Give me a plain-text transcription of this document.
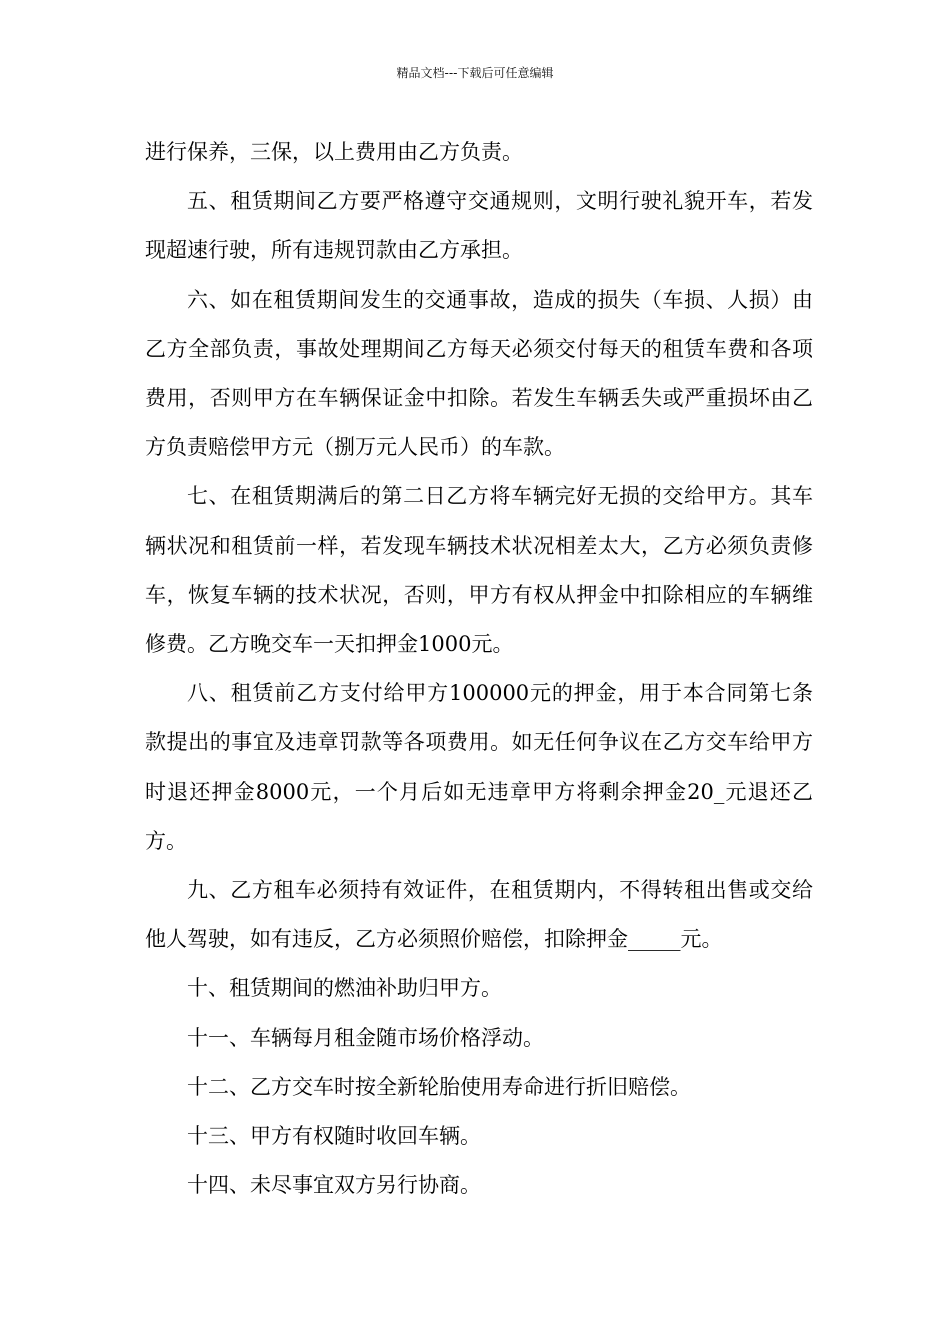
精品文档---下载后可任意编辑

进行保养，三保，以上费用由乙方负责。

五、租赁期间乙方要严格遵守交通规则，文明行驶礼貌开车，若发现超速行驶，所有违规罚款由乙方承担。

六、如在租赁期间发生的交通事故，造成的损失（车损、人损）由乙方全部负责，事故处理期间乙方每天必须交付每天的租赁车费和各项费用，否则甲方在车辆保证金中扣除。若发生车辆丢失或严重损坏由乙方负责赔偿甲方元（捌万元人民币）的车款。

七、在租赁期满后的第二日乙方将车辆完好无损的交给甲方。其车辆状况和租赁前一样，若发现车辆技术状况相差太大，乙方必须负责修车，恢复车辆的技术状况，否则，甲方有权从押金中扣除相应的车辆维修费。乙方晚交车一天扣押金1000元。

八、租赁前乙方支付给甲方100000元的押金，用于本合同第七条款提出的事宜及违章罚款等各项费用。如无任何争议在乙方交车给甲方时退还押金8000元，一个月后如无违章甲方将剩余押金20_元退还乙方。

九、乙方租车必须持有效证件，在租赁期内，不得转租出售或交给他人驾驶，如有违反，乙方必须照价赔偿，扣除押金_____元。

十、租赁期间的燃油补助归甲方。

十一、车辆每月租金随市场价格浮动。

十二、乙方交车时按全新轮胎使用寿命进行折旧赔偿。

十三、甲方有权随时收回车辆。

十四、未尽事宜双方另行协商。
